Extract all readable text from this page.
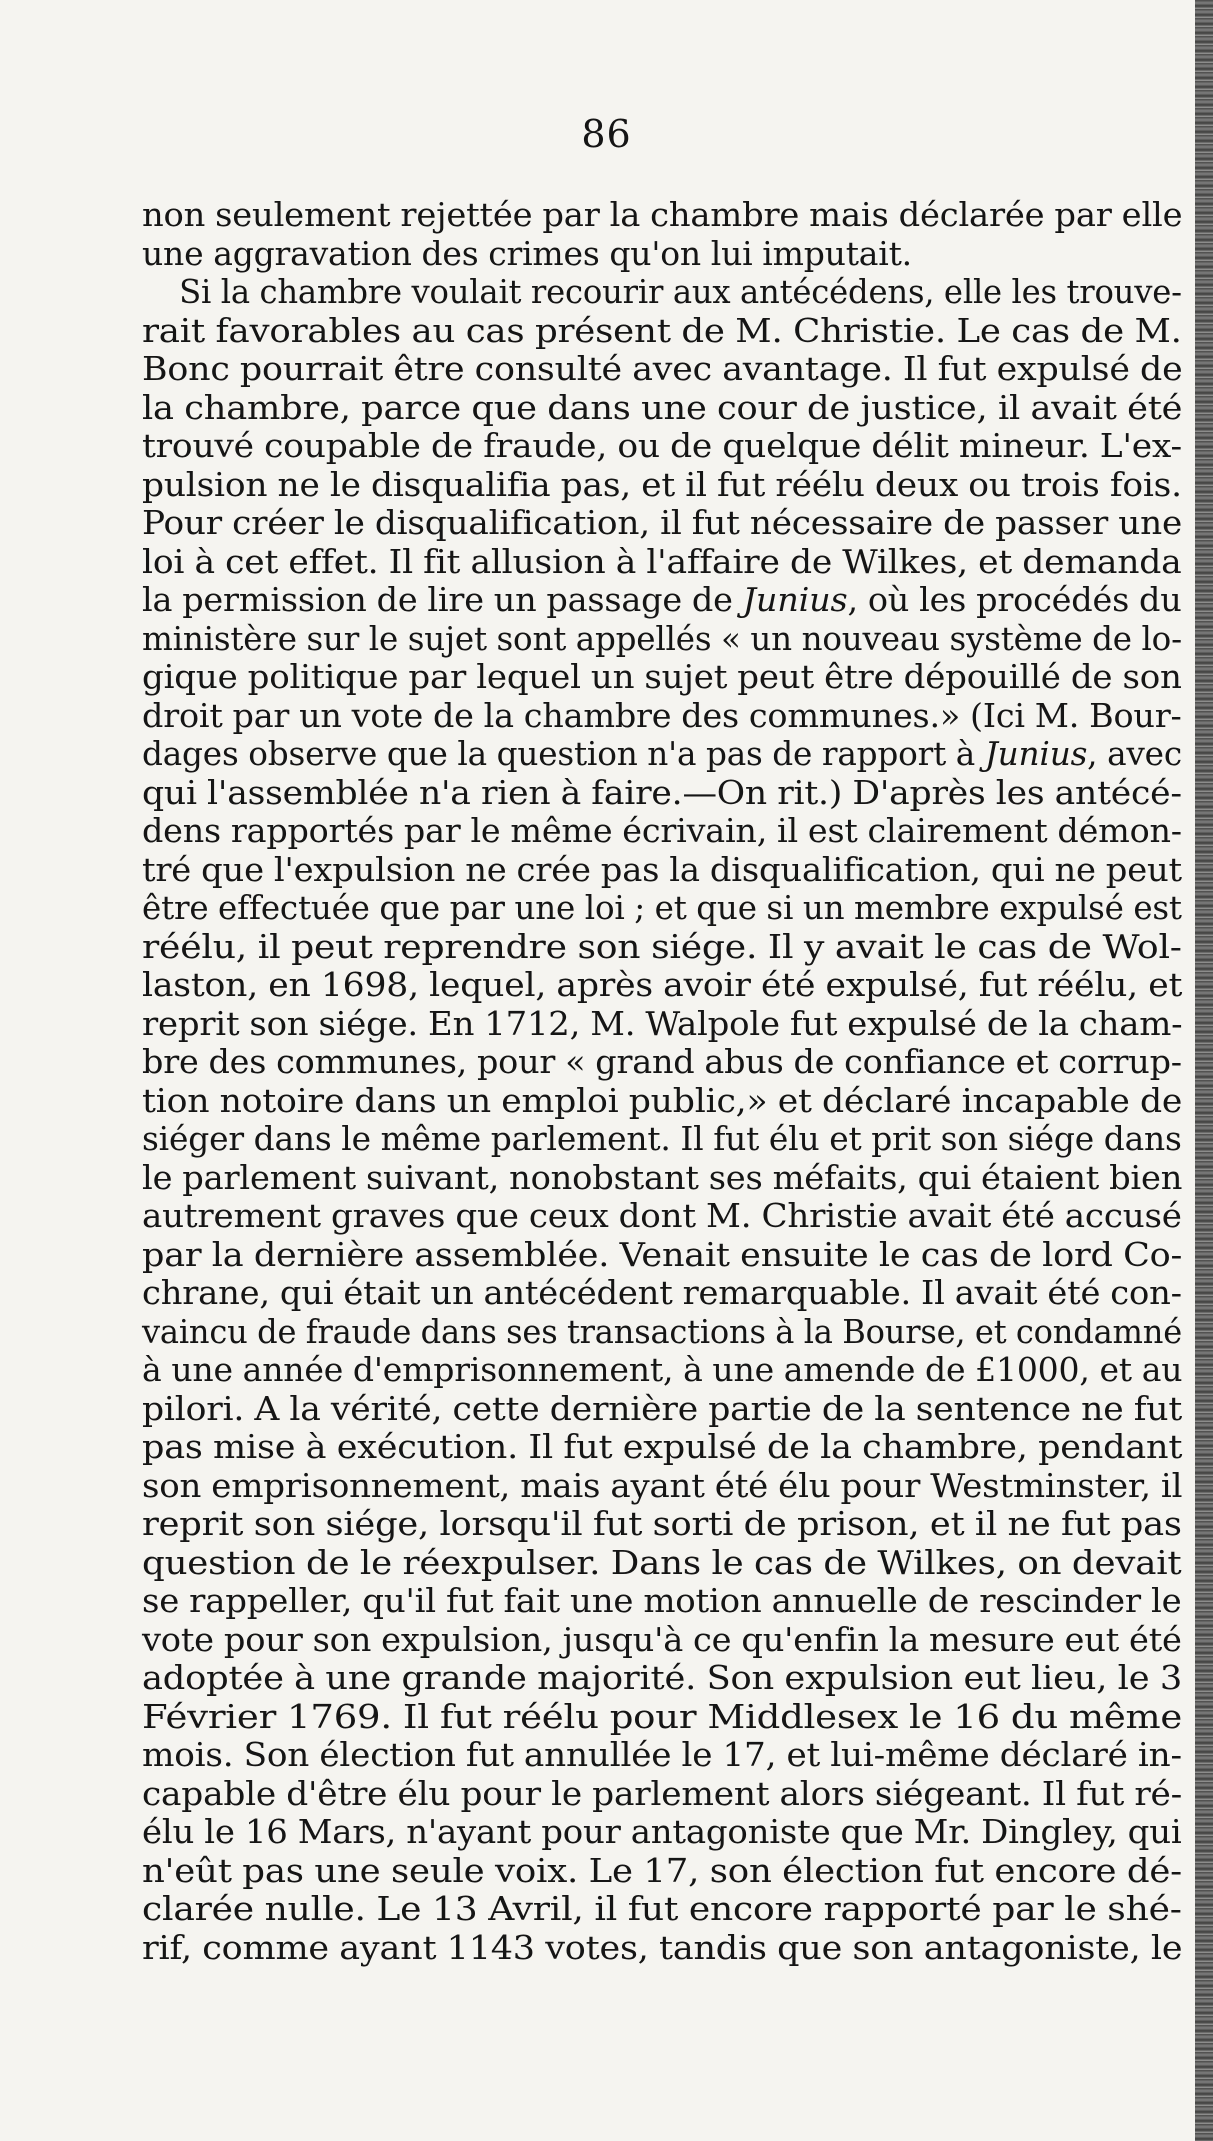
86
non seulement rejettée par la chambre mais déclarée par elle
une aggravation des crimes qu'on lui imputait.
Si la chambre voulait recourir aux antécédens, elle les trouve-
rait favorables au cas présent de M. Christie. Le cas de M.
Bonc pourrait être consulté avec avantage. Il fut expulsé de
la chambre, parce que dans une cour de justice, il avait été
trouvé coupable de fraude, ou de quelque délit mineur. L'ex-
pulsion ne le disqualifia pas, et il fut réélu deux ou trois fois.
Pour créer le disqualification, il fut nécessaire de passer une
loi à cet effet. Il fit allusion à l'affaire de Wilkes, et demanda
la permission de lire un passage de Junius, où les procédés du
ministère sur le sujet sont appellés « un nouveau système de lo-
gique politique par lequel un sujet peut être dépouillé de son
droit par un vote de la chambre des communes.» (Ici M. Bour-
dages observe que la question n'a pas de rapport à Junius, avec
qui l'assemblée n'a rien à faire.—On rit.) D'après les antécé-
dens rapportés par le même écrivain, il est clairement démon-
tré que l'expulsion ne crée pas la disqualification, qui ne peut
être effectuée que par une loi ; et que si un membre expulsé est
réélu, il peut reprendre son siége. Il y avait le cas de Wol-
laston, en 1698, lequel, après avoir été expulsé, fut réélu, et
reprit son siége. En 1712, M. Walpole fut expulsé de la cham-
bre des communes, pour « grand abus de confiance et corrup-
tion notoire dans un emploi public,» et déclaré incapable de
siéger dans le même parlement. Il fut élu et prit son siége dans
le parlement suivant, nonobstant ses méfaits, qui étaient bien
autrement graves que ceux dont M. Christie avait été accusé
par la dernière assemblée. Venait ensuite le cas de lord Co-
chrane, qui était un antécédent remarquable. Il avait été con-
vaincu de fraude dans ses transactions à la Bourse, et condamné
à une année d'emprisonnement, à une amende de £1000, et au
pilori. A la vérité, cette dernière partie de la sentence ne fut
pas mise à exécution. Il fut expulsé de la chambre, pendant
son emprisonnement, mais ayant été élu pour Westminster, il
reprit son siége, lorsqu'il fut sorti de prison, et il ne fut pas
question de le réexpulser. Dans le cas de Wilkes, on devait
se rappeller, qu'il fut fait une motion annuelle de rescinder le
vote pour son expulsion, jusqu'à ce qu'enfin la mesure eut été
adoptée à une grande majorité. Son expulsion eut lieu, le 3
Février 1769. Il fut réélu pour Middlesex le 16 du même
mois. Son élection fut annullée le 17, et lui-même déclaré in-
capable d'être élu pour le parlement alors siégeant. Il fut ré-
élu le 16 Mars, n'ayant pour antagoniste que Mr. Dingley, qui
n'eût pas une seule voix. Le 17, son élection fut encore dé-
clarée nulle. Le 13 Avril, il fut encore rapporté par le shé-
rif, comme ayant 1143 votes, tandis que son antagoniste, le
